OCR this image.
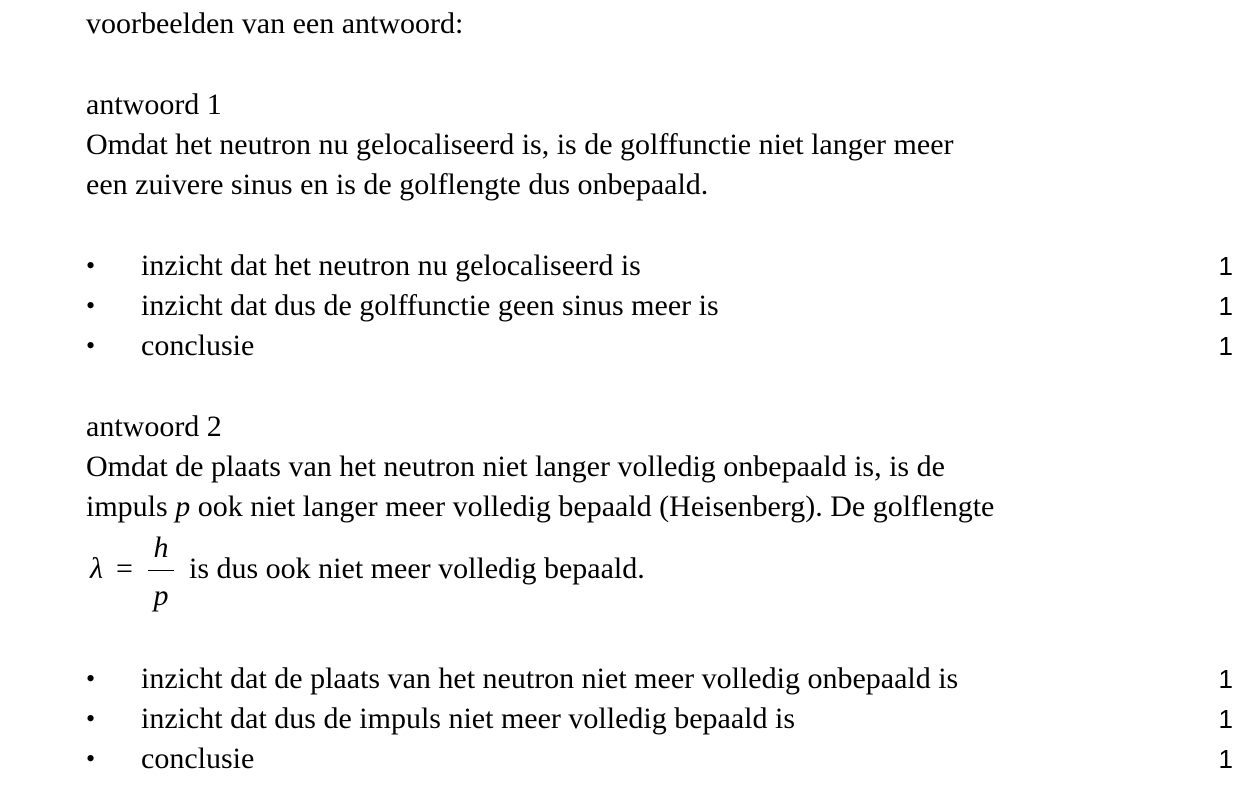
voorbeelden van een antwoord:
antwoord 1
Omdat het neutron nu gelocaliseerd is, is de golffunctie niet langer meer
een zuivere sinus en is de golflengte dus onbepaald.
•	inzicht dat het neutron nu gelocaliseerd is	1
•	inzicht dat dus de golffunctie geen sinus meer is	1
•	conclusie	1
antwoord 2
Omdat de plaats van het neutron niet langer volledig onbepaald is, is de
impuls p ook niet langer meer volledig bepaald (Heisenberg). De golflengte
λ =
h
p
is dus ook niet meer volledig bepaald.
•	inzicht dat de plaats van het neutron niet meer volledig onbepaald is	1
•	inzicht dat dus de impuls niet meer volledig bepaald is	1
•	conclusie	1
